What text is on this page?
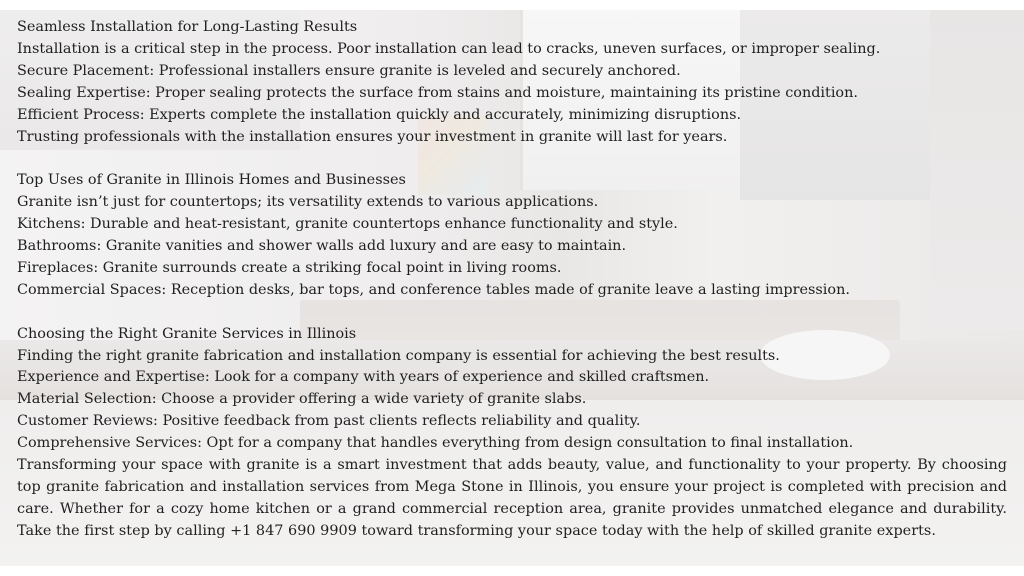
Seamless Installation for Long-Lasting Results

Installation is a critical step in the process. Poor installation can lead to cracks, uneven surfaces, or improper sealing.

Secure Placement: Professional installers ensure granite is leveled and securely anchored.

Sealing Expertise: Proper sealing protects the surface from stains and moisture, maintaining its pristine condition.

Efficient Process: Experts complete the installation quickly and accurately, minimizing disruptions.

Trusting professionals with the installation ensures your investment in granite will last for years.

Top Uses of Granite in Illinois Homes and Businesses

Granite isn’t just for countertops; its versatility extends to various applications.

Kitchens: Durable and heat-resistant, granite countertops enhance functionality and style.

Bathrooms: Granite vanities and shower walls add luxury and are easy to maintain.

Fireplaces: Granite surrounds create a striking focal point in living rooms.

Commercial Spaces: Reception desks, bar tops, and conference tables made of granite leave a lasting impression.

Choosing the Right Granite Services in Illinois

Finding the right granite fabrication and installation company is essential for achieving the best results.

Experience and Expertise: Look for a company with years of experience and skilled craftsmen.

Material Selection: Choose a provider offering a wide variety of granite slabs.

Customer Reviews: Positive feedback from past clients reflects reliability and quality.

Comprehensive Services: Opt for a company that handles everything from design consultation to final installation.

Transforming your space with granite is a smart investment that adds beauty, value, and functionality to your property. By choosing top granite fabrication and installation services from Mega Stone in Illinois, you ensure your project is completed with precision and care. Whether for a cozy home kitchen or a grand commercial reception area, granite provides unmatched elegance and durability. Take the first step by calling +1 847 690 9909 toward transforming your space today with the help of skilled granite experts.
